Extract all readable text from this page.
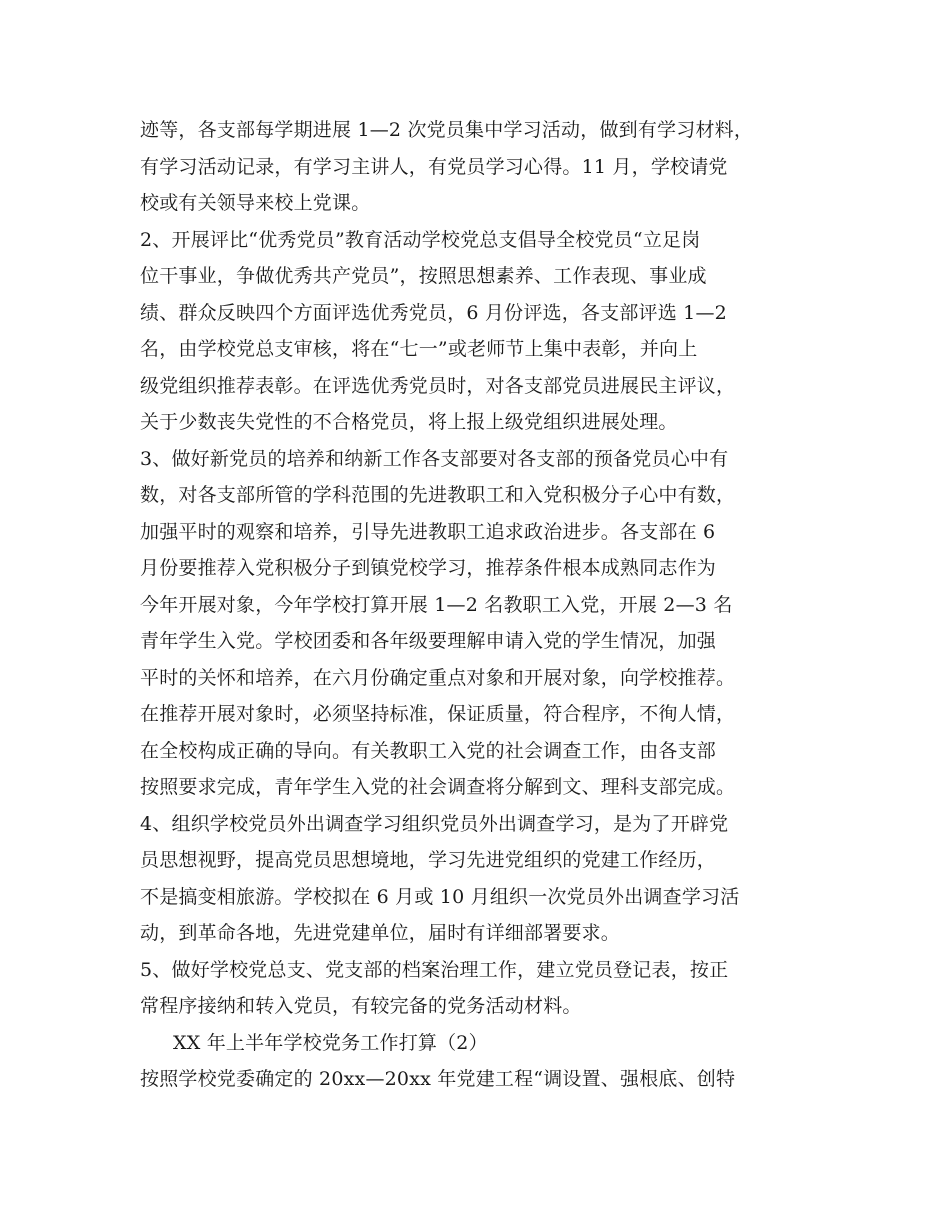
迹等，各支部每学期进展 1—2 次党员集中学习活动，做到有学习材料，
有学习活动记录，有学习主讲人，有党员学习心得。11 月，学校请党
校或有关领导来校上党课。
2、开展评比“优秀党员”教育活动学校党总支倡导全校党员“立足岗
位干事业，争做优秀共产党员”，按照思想素养、工作表现、事业成
绩、群众反映四个方面评选优秀党员，6 月份评选，各支部评选 1—2
名，由学校党总支审核，将在“七一”或老师节上集中表彰，并向上
级党组织推荐表彰。在评选优秀党员时，对各支部党员进展民主评议，
关于少数丧失党性的不合格党员，将上报上级党组织进展处理。
3、做好新党员的培养和纳新工作各支部要对各支部的预备党员心中有
数，对各支部所管的学科范围的先进教职工和入党积极分子心中有数，
加强平时的观察和培养，引导先进教职工追求政治进步。各支部在 6
月份要推荐入党积极分子到镇党校学习，推荐条件根本成熟同志作为
今年开展对象，今年学校打算开展 1—2 名教职工入党，开展 2—3 名
青年学生入党。学校团委和各年级要理解申请入党的学生情况，加强
平时的关怀和培养，在六月份确定重点对象和开展对象，向学校推荐。
在推荐开展对象时，必须坚持标准，保证质量，符合程序，不徇人情，
在全校构成正确的导向。有关教职工入党的社会调查工作，由各支部
按照要求完成，青年学生入党的社会调查将分解到文、理科支部完成。
4、组织学校党员外出调查学习组织党员外出调查学习，是为了开辟党
员思想视野，提高党员思想境地，学习先进党组织的党建工作经历，
不是搞变相旅游。学校拟在 6 月或 10 月组织一次党员外出调查学习活
动，到革命各地，先进党建单位，届时有详细部署要求。
5、做好学校党总支、党支部的档案治理工作，建立党员登记表，按正
常程序接纳和转入党员，有较完备的党务活动材料。
XX 年上半年学校党务工作打算（2）
按照学校党委确定的 20xx—20xx 年党建工程“调设置、强根底、创特
